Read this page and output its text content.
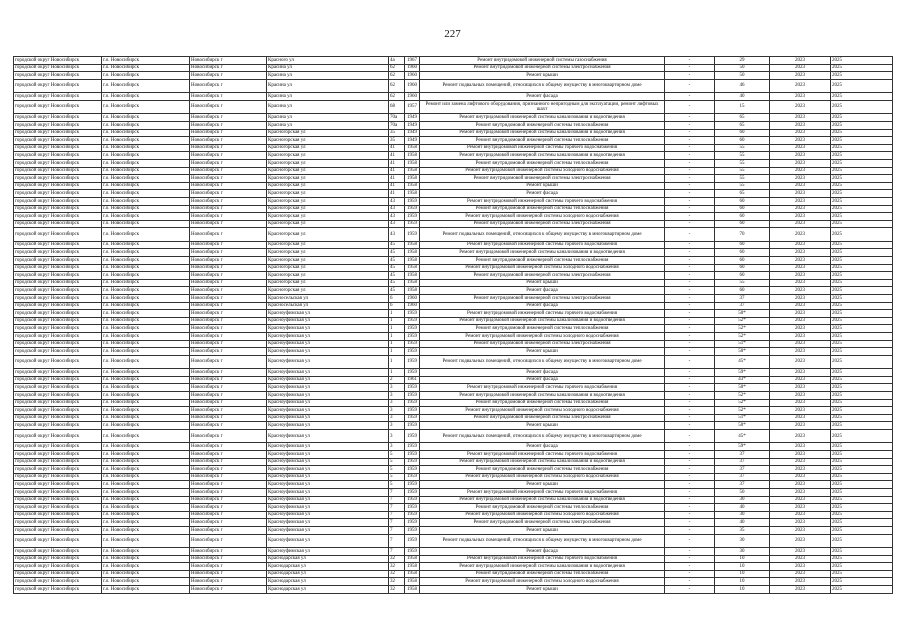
227
городской округ Новосибирск	г.о. Новосибирск	Новосибирск г	Красного ул	4а	1967	Ремонт внутридомовой инженерной системы газоснабжения	-	29	2023	2025
городской округ Новосибирск	г.о. Новосибирск	Новосибирск г	Красина ул	62	1960	Ремонт внутридомовой инженерной системы электроснабжения	-	50	2023	2025
городской округ Новосибирск	г.о. Новосибирск	Новосибирск г	Красина ул	62	1960	Ремонт крыши	-	50	2023	2025
городской округ Новосибирск	г.о. Новосибирск	Новосибирск г	Красина ул	62	1960	Ремонт подвальных помещений, относящихся к общему имуществу в многоквартирном доме	-	46	2023	2025
городской округ Новосибирск	г.о. Новосибирск	Новосибирск г	Красина ул	62	1960	Ремонт фасада	-	40	2023	2025
городской округ Новосибирск	г.о. Новосибирск	Новосибирск г	Красина ул	68	1957	Ремонт или замена лифтового оборудования, признанного непригодным для эксплуатации, ремонт лифтовых шахт	-	15	2023	2025
городской округ Новосибирск	г.о. Новосибирск	Новосибирск г	Красина ул	70а	1949	Ремонт внутридомовой инженерной системы канализования и водоотведения	-	65	2023	2025
городской округ Новосибирск	г.о. Новосибирск	Новосибирск г	Красина ул	70а	1949	Ремонт внутридомовой инженерной системы теплоснабжения	-	65	2023	2025
городской округ Новосибирск	г.о. Новосибирск	Новосибирск г	Красногорская ул	35	1949	Ремонт внутридомовой инженерной системы канализования и водоотведения	-	60	2023	2025
городской округ Новосибирск	г.о. Новосибирск	Новосибирск г	Красногорская ул	35	1949	Ремонт внутридомовой инженерной системы теплоснабжения	-	60	2023	2025
городской округ Новосибирск	г.о. Новосибирск	Новосибирск г	Красногорская ул	41	1958	Ремонт внутридомовой инженерной системы горячего водоснабжения	-	55	2023	2025
городской округ Новосибирск	г.о. Новосибирск	Новосибирск г	Красногорская ул	41	1958	Ремонт внутридомовой инженерной системы канализования и водоотведения	-	55	2023	2025
городской округ Новосибирск	г.о. Новосибирск	Новосибирск г	Красногорская ул	41	1958	Ремонт внутридомовой инженерной системы теплоснабжения	-	55	2023	2025
городской округ Новосибирск	г.о. Новосибирск	Новосибирск г	Красногорская ул	41	1958	Ремонт внутридомовой инженерной системы холодного водоснабжения	-	55	2023	2025
городской округ Новосибирск	г.о. Новосибирск	Новосибирск г	Красногорская ул	41	1958	Ремонт внутридомовой инженерной системы электроснабжения	-	55	2023	2025
городской округ Новосибирск	г.о. Новосибирск	Новосибирск г	Красногорская ул	41	1958	Ремонт крыши	-	55	2023	2025
городской округ Новосибирск	г.о. Новосибирск	Новосибирск г	Красногорская ул	41	1958	Ремонт фасада	-	65	2023	2025
городской округ Новосибирск	г.о. Новосибирск	Новосибирск г	Красногорская ул	43	1959	Ремонт внутридомовой инженерной системы горячего водоснабжения	-	60	2023	2025
городской округ Новосибирск	г.о. Новосибирск	Новосибирск г	Красногорская ул	43	1959	Ремонт внутридомовой инженерной системы теплоснабжения	-	60	2023	2025
городской округ Новосибирск	г.о. Новосибирск	Новосибирск г	Красногорская ул	43	1959	Ремонт внутридомовой инженерной системы холодного водоснабжения	-	60	2023	2025
городской округ Новосибирск	г.о. Новосибирск	Новосибирск г	Красногорская ул	43	1959	Ремонт внутридомовой инженерной системы электроснабжения	-	60	2023	2025
городской округ Новосибирск	г.о. Новосибирск	Новосибирск г	Красногорская ул	43	1959	Ремонт подвальных помещений, относящихся к общему имуществу в многоквартирном доме	-	70	2023	2025
городской округ Новосибирск	г.о. Новосибирск	Новосибирск г	Красногорская ул	45	1958	Ремонт внутридомовой инженерной системы горячего водоснабжения	-	60	2023	2025
городской округ Новосибирск	г.о. Новосибирск	Новосибирск г	Красногорская ул	45	1958	Ремонт внутридомовой инженерной системы канализования и водоотведения	-	60	2023	2025
городской округ Новосибирск	г.о. Новосибирск	Новосибирск г	Красногорская ул	45	1958	Ремонт внутридомовой инженерной системы теплоснабжения	-	60	2023	2025
городской округ Новосибирск	г.о. Новосибирск	Новосибирск г	Красногорская ул	45	1958	Ремонт внутридомовой инженерной системы холодного водоснабжения	-	60	2023	2025
городской округ Новосибирск	г.о. Новосибирск	Новосибирск г	Красногорская ул	45	1958	Ремонт внутридомовой инженерной системы электроснабжения	-	60	2023	2025
городской округ Новосибирск	г.о. Новосибирск	Новосибирск г	Красногорская ул	45	1958	Ремонт крыши	-	55	2023	2025
городской округ Новосибирск	г.о. Новосибирск	Новосибирск г	Красногорская ул	45	1958	Ремонт фасада	-	60	2023	2025
городской округ Новосибирск	г.о. Новосибирск	Новосибирск г	Красносельская ул	6	1960	Ремонт внутридомовой инженерной системы электроснабжения	-	37	2023	2025
городской округ Новосибирск	г.о. Новосибирск	Новосибирск г	Красносельская ул	6	1960	Ремонт фасада	-	37	2023	2025
городской округ Новосибирск	г.о. Новосибирск	Новосибирск г	Красноуфимская ул	1	1959	Ремонт внутридомовой инженерной системы горячего водоснабжения	-	50*	2023	2025
городской округ Новосибирск	г.о. Новосибирск	Новосибирск г	Красноуфимская ул	1	1959	Ремонт внутридомовой инженерной системы канализования и водоотведения	-	52*	2023	2025
городской округ Новосибирск	г.о. Новосибирск	Новосибирск г	Красноуфимская ул	1	1959	Ремонт внутридомовой инженерной системы теплоснабжения	-	52*	2023	2025
городской округ Новосибирск	г.о. Новосибирск	Новосибирск г	Красноуфимская ул	1	1959	Ремонт внутридомовой инженерной системы холодного водоснабжения	-	52*	2023	2025
городской округ Новосибирск	г.о. Новосибирск	Новосибирск г	Красноуфимская ул	1	1959	Ремонт внутридомовой инженерной системы электроснабжения	-	51*	2023	2025
городской округ Новосибирск	г.о. Новосибирск	Новосибирск г	Красноуфимская ул	1	1959	Ремонт крыши	-	50*	2023	2025
городской округ Новосибирск	г.о. Новосибирск	Новосибирск г	Красноуфимская ул	1	1959	Ремонт подвальных помещений, относящихся к общему имуществу в многоквартирном доме	-	45*	2023	2025
городской округ Новосибирск	г.о. Новосибирск	Новосибирск г	Красноуфимская ул	1	1959	Ремонт фасада	-	59*	2023	2025
городской округ Новосибирск	г.о. Новосибирск	Новосибирск г	Красноуфимская ул	2	1961	Ремонт фасада	-	43*	2023	2025
городской округ Новосибирск	г.о. Новосибирск	Новосибирск г	Красноуфимская ул	3	1959	Ремонт внутридомовой инженерной системы горячего водоснабжения	-	50*	2023	2025
городской округ Новосибирск	г.о. Новосибирск	Новосибирск г	Красноуфимская ул	3	1959	Ремонт внутридомовой инженерной системы канализования и водоотведения	-	52*	2023	2025
городской округ Новосибирск	г.о. Новосибирск	Новосибирск г	Красноуфимская ул	3	1959	Ремонт внутридомовой инженерной системы теплоснабжения	-	52*	2023	2025
городской округ Новосибирск	г.о. Новосибирск	Новосибирск г	Красноуфимская ул	3	1959	Ремонт внутридомовой инженерной системы холодного водоснабжения	-	52*	2023	2025
городской округ Новосибирск	г.о. Новосибирск	Новосибирск г	Красноуфимская ул	3	1959	Ремонт внутридомовой инженерной системы электроснабжения	-	51*	2023	2025
городской округ Новосибирск	г.о. Новосибирск	Новосибирск г	Красноуфимская ул	3	1959	Ремонт крыши	-	50*	2023	2025
городской округ Новосибирск	г.о. Новосибирск	Новосибирск г	Красноуфимская ул	3	1959	Ремонт подвальных помещений, относящихся к общему имуществу в многоквартирном доме	-	45*	2023	2025
городской округ Новосибирск	г.о. Новосибирск	Новосибирск г	Красноуфимская ул	3	1959	Ремонт фасада	-	59*	2023	2025
городской округ Новосибирск	г.о. Новосибирск	Новосибирск г	Красноуфимская ул	5	1959	Ремонт внутридомовой инженерной системы горячего водоснабжения	-	37	2023	2025
городской округ Новосибирск	г.о. Новосибирск	Новосибирск г	Красноуфимская ул	5	1959	Ремонт внутридомовой инженерной системы канализования и водоотведения	-	37	2023	2025
городской округ Новосибирск	г.о. Новосибирск	Новосибирск г	Красноуфимская ул	5	1959	Ремонт внутридомовой инженерной системы теплоснабжения	-	37	2023	2025
городской округ Новосибирск	г.о. Новосибирск	Новосибирск г	Красноуфимская ул	5	1959	Ремонт внутридомовой инженерной системы холодного водоснабжения	-	37	2023	2025
городской округ Новосибирск	г.о. Новосибирск	Новосибирск г	Красноуфимская ул	5	1959	Ремонт крыши	-	37	2023	2025
городской округ Новосибирск	г.о. Новосибирск	Новосибирск г	Красноуфимская ул	7	1959	Ремонт внутридомовой инженерной системы горячего водоснабжения	-	50	2023	2025
городской округ Новосибирск	г.о. Новосибирск	Новосибирск г	Красноуфимская ул	7	1959	Ремонт внутридомовой инженерной системы канализования и водоотведения	-	30	2023	2025
городской округ Новосибирск	г.о. Новосибирск	Новосибирск г	Красноуфимская ул	7	1959	Ремонт внутридомовой инженерной системы теплоснабжения	-	40	2023	2025
городской округ Новосибирск	г.о. Новосибирск	Новосибирск г	Красноуфимская ул	7	1959	Ремонт внутридомовой инженерной системы холодного водоснабжения	-	30	2023	2025
городской округ Новосибирск	г.о. Новосибирск	Новосибирск г	Красноуфимская ул	7	1959	Ремонт внутридомовой инженерной системы электроснабжения	-	40	2023	2025
городской округ Новосибирск	г.о. Новосибирск	Новосибирск г	Красноуфимская ул	7	1959	Ремонт крыши	-	35	2023	2025
городской округ Новосибирск	г.о. Новосибирск	Новосибирск г	Красноуфимская ул	7	1959	Ремонт подвальных помещений, относящихся к общему имуществу в многоквартирном доме	-	30	2023	2025
городской округ Новосибирск	г.о. Новосибирск	Новосибирск г	Красноуфимская ул	7	1959	Ремонт фасада	-	30	2023	2025
городской округ Новосибирск	г.о. Новосибирск	Новосибирск г	Краснодарская ул	32	1958	Ремонт внутридомовой инженерной системы горячего водоснабжения	-	10	2023	2025
городской округ Новосибирск	г.о. Новосибирск	Новосибирск г	Краснодарская ул	32	1958	Ремонт внутридомовой инженерной системы канализования и водоотведения	-	10	2023	2025
городской округ Новосибирск	г.о. Новосибирск	Новосибирск г	Краснодарская ул	32	1958	Ремонт внутридомовой инженерной системы теплоснабжения	-	10	2023	2025
городской округ Новосибирск	г.о. Новосибирск	Новосибирск г	Краснодарская ул	32	1958	Ремонт внутридомовой инженерной системы холодного водоснабжения	-	10	2023	2025
городской округ Новосибирск	г.о. Новосибирск	Новосибирск г	Краснодарская ул	32	1958	Ремонт крыши	-	10	2023	2025
